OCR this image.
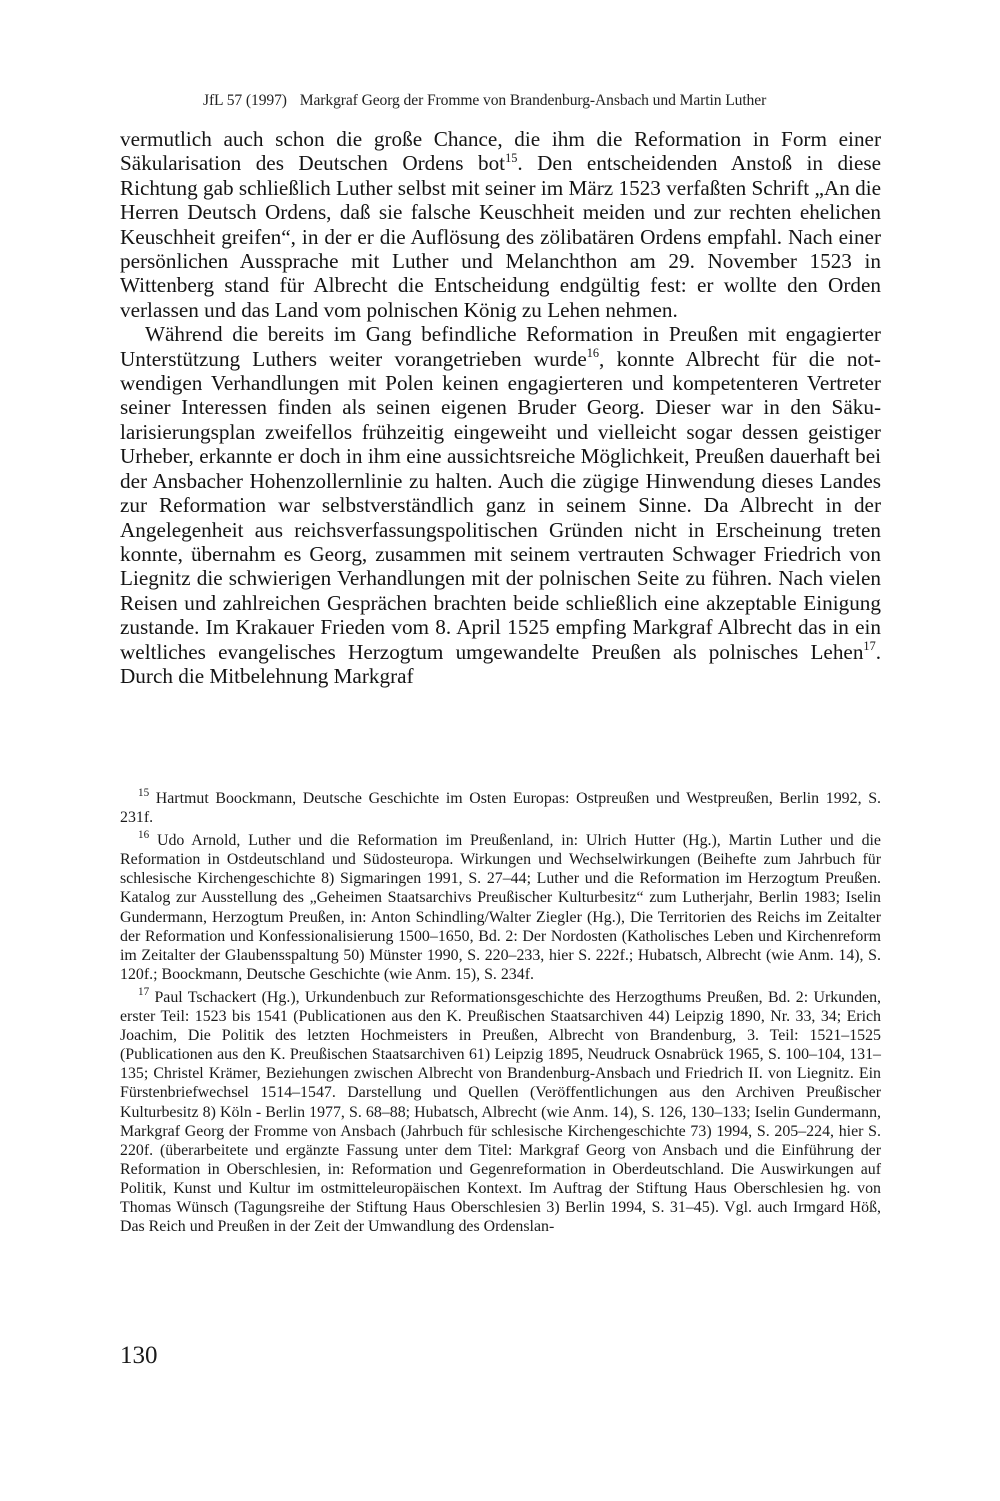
JfL 57 (1997) Markgraf Georg der Fromme von Brandenburg-Ansbach und Martin Luther

vermutlich auch schon die große Chance, die ihm die Reformation in Form einer Säkularisation des Deutschen Ordens bot$^{15}$. Den entscheidenden Anstoß in diese Richtung gab schließlich Luther selbst mit seiner im März 1523 verfaßten Schrift „An die Herren Deutsch Ordens, daß sie falsche Keuschheit meiden und zur rechten ehelichen Keuschheit greifen“, in der er die Auflösung des zölibatären Ordens empfahl. Nach einer persönlichen Aussprache mit Luther und Melanchthon am 29. November 1523 in Wittenberg stand für Albrecht die Entscheidung endgültig fest: er wollte den Orden verlassen und das Land vom polnischen König zu Lehen nehmen.

Während die bereits im Gang befindliche Reformation in Preußen mit engagierter Unterstützung Luthers weiter vorangetrieben wurde$^{16}$, konnte Albrecht für die notwendigen Verhandlungen mit Polen keinen engagierteren und kompetenteren Vertreter seiner Interessen finden als seinen eigenen Bruder Georg. Dieser war in den Säkularisierungsplan zweifellos frühzeitig eingeweiht und vielleicht sogar dessen geistiger Urheber, erkannte er doch in ihm eine aussichtsreiche Möglichkeit, Preußen dauerhaft bei der Ansbacher Hohenzollernlinie zu halten. Auch die zügige Hinwendung dieses Landes zur Reformation war selbstverständlich ganz in seinem Sinne. Da Albrecht in der Angelegenheit aus reichsverfassungspolitischen Gründen nicht in Erscheinung treten konnte, übernahm es Georg, zusammen mit seinem vertrauten Schwager Friedrich von Liegnitz die schwierigen Verhandlungen mit der polnischen Seite zu führen. Nach vielen Reisen und zahlreichen Gesprächen brachten beide schließlich eine akzeptable Einigung zustande. Im Krakauer Frieden vom 8. April 1525 empfing Markgraf Albrecht das in ein weltliches evangelisches Herzogtum umgewandelte Preußen als polnisches Lehen$^{17}$. Durch die Mitbelehnung Markgraf

$^{15}$ Hartmut Boockmann, Deutsche Geschichte im Osten Europas: Ostpreußen und Westpreußen, Berlin 1992, S. 231f.

$^{16}$ Udo Arnold, Luther und die Reformation im Preußenland, in: Ulrich Hutter (Hg.), Martin Luther und die Reformation in Ostdeutschland und Südosteuropa. Wirkungen und Wechselwirkungen (Beihefte zum Jahrbuch für schlesische Kirchengeschichte 8) Sigmaringen 1991, S. 27–44; Luther und die Reformation im Herzogtum Preußen. Katalog zur Ausstellung des „Geheimen Staatsarchivs Preußischer Kulturbesitz“ zum Lutherjahr, Berlin 1983; Iselin Gundermann, Herzogtum Preußen, in: Anton Schindling/Walter Ziegler (Hg.), Die Territorien des Reichs im Zeitalter der Reformation und Konfessionalisierung 1500–1650, Bd. 2: Der Nordosten (Katholisches Leben und Kirchenreform im Zeitalter der Glaubensspaltung 50) Münster 1990, S. 220–233, hier S. 222f.; Hubatsch, Albrecht (wie Anm. 14), S. 120f.; Boockmann, Deutsche Geschichte (wie Anm. 15), S. 234f.

$^{17}$ Paul Tschackert (Hg.), Urkundenbuch zur Reformationsgeschichte des Herzogthums Preußen, Bd. 2: Urkunden, erster Teil: 1523 bis 1541 (Publicationen aus den K. Preußischen Staatsarchiven 44) Leipzig 1890, Nr. 33, 34; Erich Joachim, Die Politik des letzten Hochmeisters in Preußen, Albrecht von Brandenburg, 3. Teil: 1521–1525 (Publicationen aus den K. Preußischen Staatsarchiven 61) Leipzig 1895, Neudruck Osnabrück 1965, S. 100–104, 131–135; Christel Krämer, Beziehungen zwischen Albrecht von Brandenburg-Ansbach und Friedrich II. von Liegnitz. Ein Fürstenbriefwechsel 1514–1547. Darstellung und Quellen (Veröffentlichungen aus den Archiven Preußischer Kulturbesitz 8) Köln - Berlin 1977, S. 68–88; Hubatsch, Albrecht (wie Anm. 14), S. 126, 130–133; Iselin Gundermann, Markgraf Georg der Fromme von Ansbach (Jahrbuch für schlesische Kirchengeschichte 73) 1994, S. 205–224, hier S. 220f. (überarbeitete und ergänzte Fassung unter dem Titel: Markgraf Georg von Ansbach und die Einführung der Reformation in Oberschlesien, in: Reformation und Gegenreformation in Oberdeutschland. Die Auswirkungen auf Politik, Kunst und Kultur im ostmitteleuropäischen Kontext. Im Auftrag der Stiftung Haus Oberschlesien hg. von Thomas Wünsch (Tagungsreihe der Stiftung Haus Oberschlesien 3) Berlin 1994, S. 31–45). Vgl. auch Irmgard Höß, Das Reich und Preußen in der Zeit der Umwandlung des Ordenslan-

130
